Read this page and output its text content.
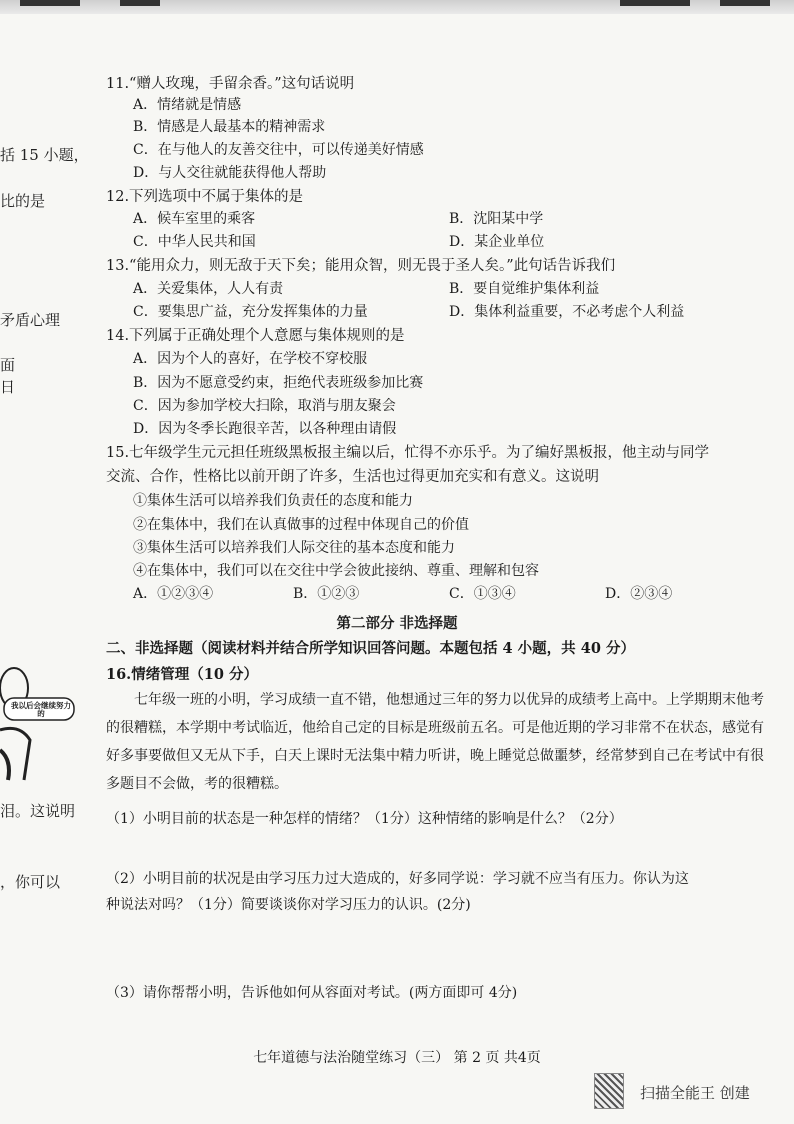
括 15 小题，
比的是
矛盾心理
面
日
泪。这说明
，你可以
我以后会继续努力的
11.“赠人玫瑰，手留余香。”这句话说明
A．情绪就是情感
B．情感是人最基本的精神需求
C．在与他人的友善交往中，可以传递美好情感
D．与人交往就能获得他人帮助
12.下列选项中不属于集体的是
A．候车室里的乘客	B．沈阳某中学
C．中华人民共和国	D．某企业单位
13.“能用众力，则无敌于天下矣；能用众智，则无畏于圣人矣。”此句话告诉我们
A．关爱集体，人人有责	B．要自觉维护集体利益
C．要集思广益，充分发挥集体的力量	D．集体利益重要，不必考虑个人利益
14.下列属于正确处理个人意愿与集体规则的是
A．因为个人的喜好，在学校不穿校服
B．因为不愿意受约束，拒绝代表班级参加比赛
C．因为参加学校大扫除，取消与朋友聚会
D．因为冬季长跑很辛苦，以各种理由请假
15.七年级学生元元担任班级黑板报主编以后，忙得不亦乐乎。为了编好黑板报，他主动与同学
交流、合作，性格比以前开朗了许多，生活也过得更加充实和有意义。这说明
①集体生活可以培养我们负责任的态度和能力
②在集体中，我们在认真做事的过程中体现自己的价值
③集体生活可以培养我们人际交往的基本态度和能力
④在集体中，我们可以在交往中学会彼此接纳、尊重、理解和包容
A．①②③④	B．①②③	C．①③④	D．②③④
第二部分 非选择题
二、非选择题（阅读材料并结合所学知识回答问题。本题包括 4 小题，共 40 分）
16.情绪管理（10 分）
七年级一班的小明，学习成绩一直不错，他想通过三年的努力以优异的成绩考上高中。上学期期末他考的很糟糕，本学期中考试临近，他给自己定的目标是班级前五名。可是他近期的学习非常不在状态，感觉有好多事要做但又无从下手，白天上课时无法集中精力听讲，晚上睡觉总做噩梦，经常梦到自己在考试中有很多题目不会做，考的很糟糕。
（1）小明目前的状态是一种怎样的情绪？（1分）这种情绪的影响是什么？（2分）
（2）小明目前的状况是由学习压力过大造成的，好多同学说：学习就不应当有压力。你认为这
种说法对吗？（1分）简要谈谈你对学习压力的认识。(2分)
（3）请你帮帮小明，告诉他如何从容面对考试。(两方面即可 4分)
七年道德与法治随堂练习（三） 第 2 页 共4页
扫描全能王 创建
